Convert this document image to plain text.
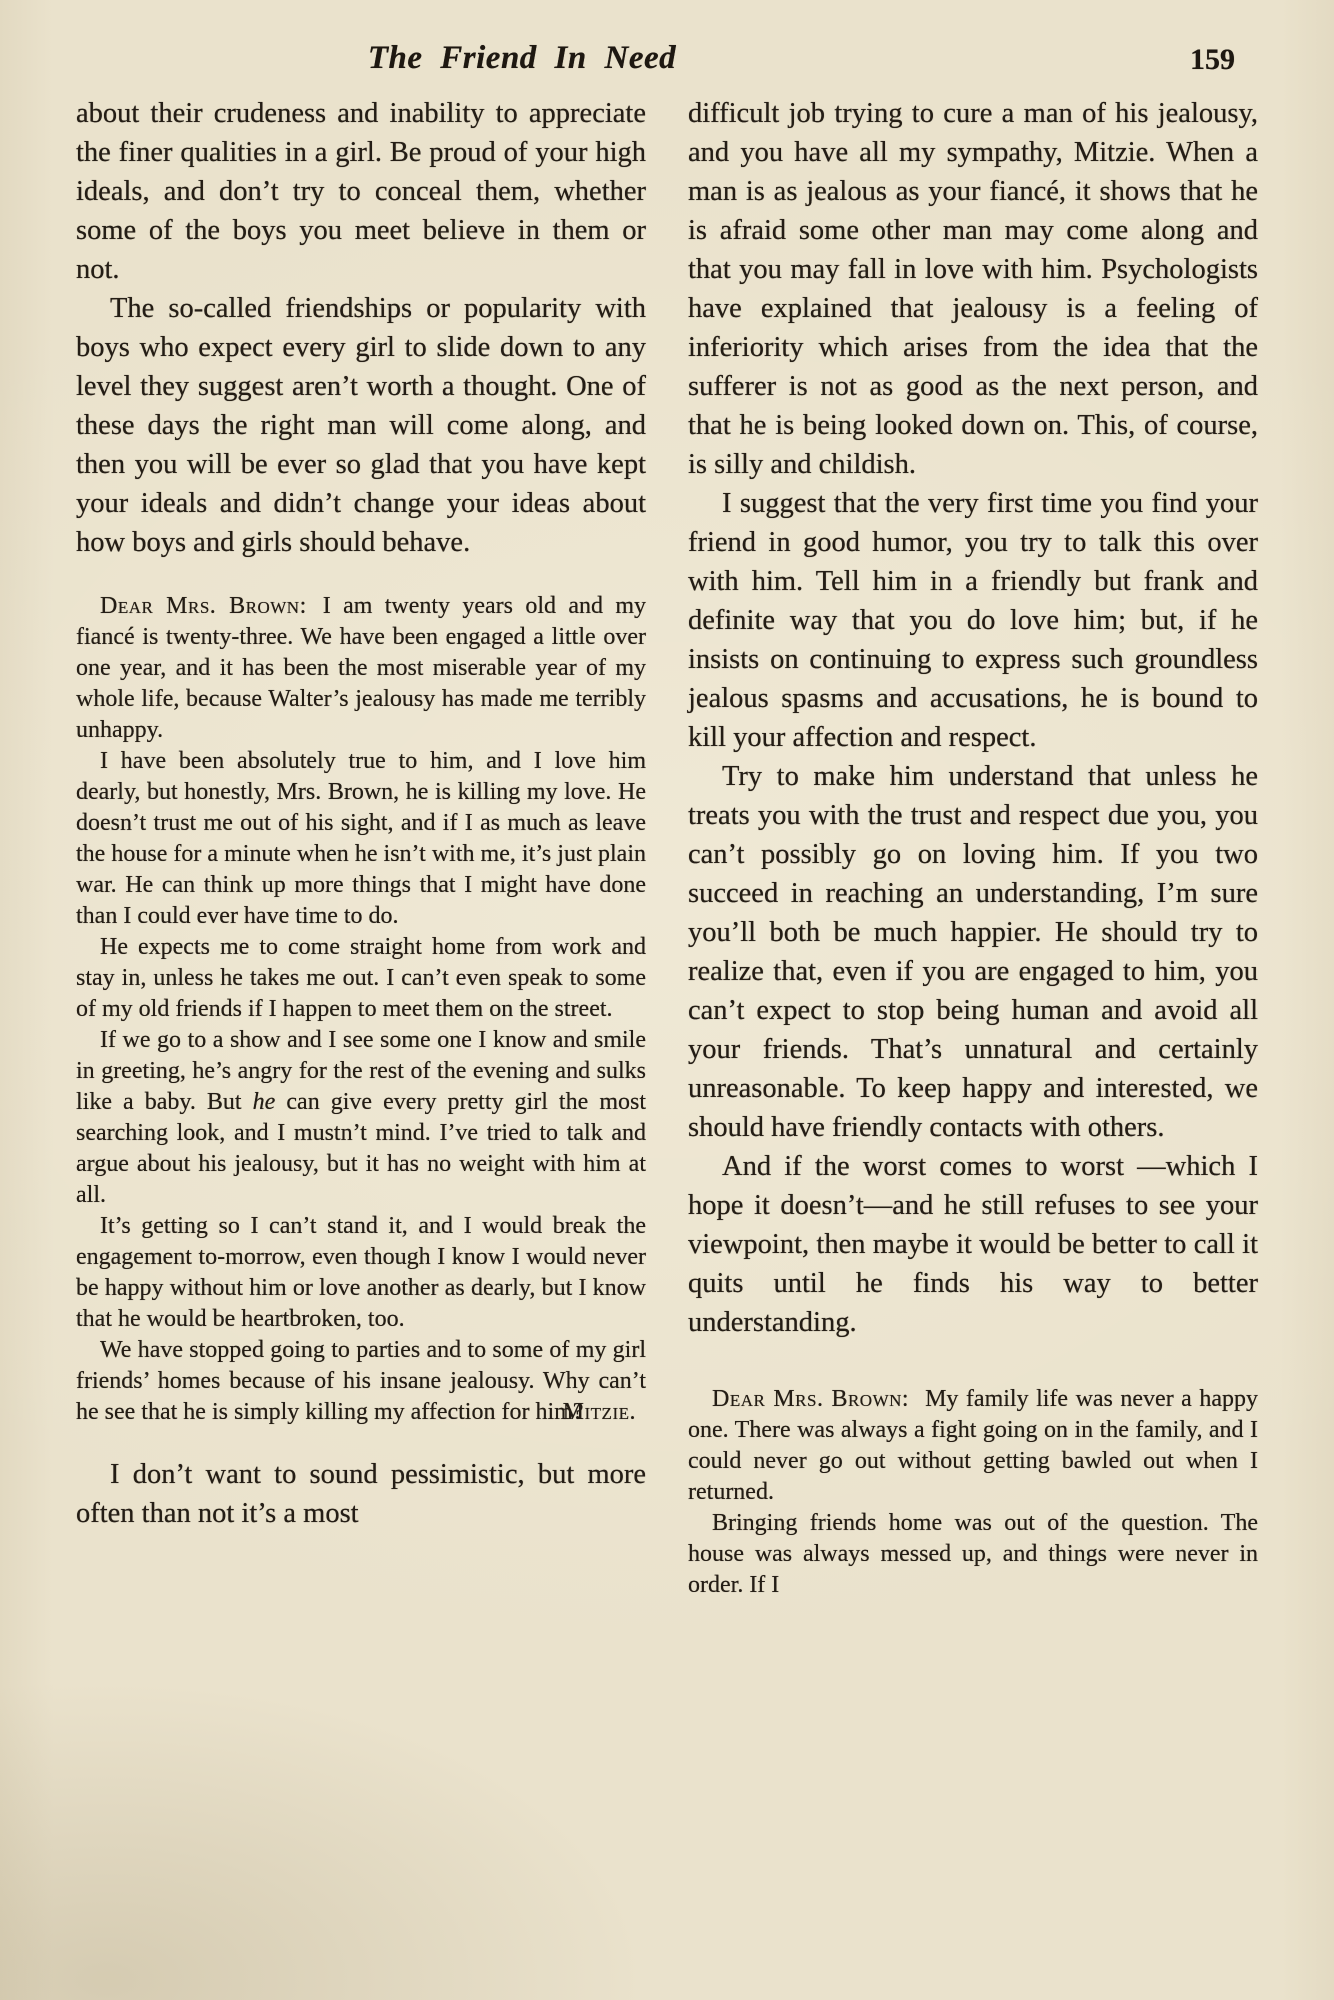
The Friend In Need	159

about their crudeness and inability to appreciate the finer qualities in a girl. Be proud of your high ideals, and don’t try to conceal them, whether some of the boys you meet believe in them or not.

The so-called friendships or popularity with boys who expect every girl to slide down to any level they suggest aren’t worth a thought. One of these days the right man will come along, and then you will be ever so glad that you have kept your ideals and didn’t change your ideas about how boys and girls should behave.

Dear Mrs. Brown: I am twenty years old and my fiancé is twenty-three. We have been engaged a little over one year, and it has been the most miserable year of my whole life, because Walter’s jealousy has made me terribly unhappy.

I have been absolutely true to him, and I love him dearly, but honestly, Mrs. Brown, he is killing my love. He doesn’t trust me out of his sight, and if I as much as leave the house for a minute when he isn’t with me, it’s just plain war. He can think up more things that I might have done than I could ever have time to do.

He expects me to come straight home from work and stay in, unless he takes me out. I can’t even speak to some of my old friends if I happen to meet them on the street.

If we go to a show and I see some one I know and smile in greeting, he’s angry for the rest of the evening and sulks like a baby. But he can give every pretty girl the most searching look, and I mustn’t mind. I’ve tried to talk and argue about his jealousy, but it has no weight with him at all.

It’s getting so I can’t stand it, and I would break the engagement to-morrow, even though I know I would never be happy without him or love another as dearly, but I know that he would be heartbroken, too.

We have stopped going to parties and to some of my girl friends’ homes because of his insane jealousy. Why can’t he see that he is simply killing my affection for him?

Mitzie.

I don’t want to sound pessimistic, but more often than not it’s a most

difficult job trying to cure a man of his jealousy, and you have all my sympathy, Mitzie. When a man is as jealous as your fiancé, it shows that he is afraid some other man may come along and that you may fall in love with him. Psychologists have explained that jealousy is a feeling of inferiority which arises from the idea that the sufferer is not as good as the next person, and that he is being looked down on. This, of course, is silly and childish.

I suggest that the very first time you find your friend in good humor, you try to talk this over with him. Tell him in a friendly but frank and definite way that you do love him; but, if he insists on continuing to express such groundless jealous spasms and accusations, he is bound to kill your affection and respect.

Try to make him understand that unless he treats you with the trust and respect due you, you can’t possibly go on loving him. If you two succeed in reaching an understanding, I’m sure you’ll both be much happier. He should try to realize that, even if you are engaged to him, you can’t expect to stop being human and avoid all your friends. That’s unnatural and certainly unreasonable. To keep happy and interested, we should have friendly contacts with others.

And if the worst comes to worst —which I hope it doesn’t—and he still refuses to see your viewpoint, then maybe it would be better to call it quits until he finds his way to better understanding.

Dear Mrs. Brown: My family life was never a happy one. There was always a fight going on in the family, and I could never go out without getting bawled out when I returned.

Bringing friends home was out of the question. The house was always messed up, and things were never in order. If I
